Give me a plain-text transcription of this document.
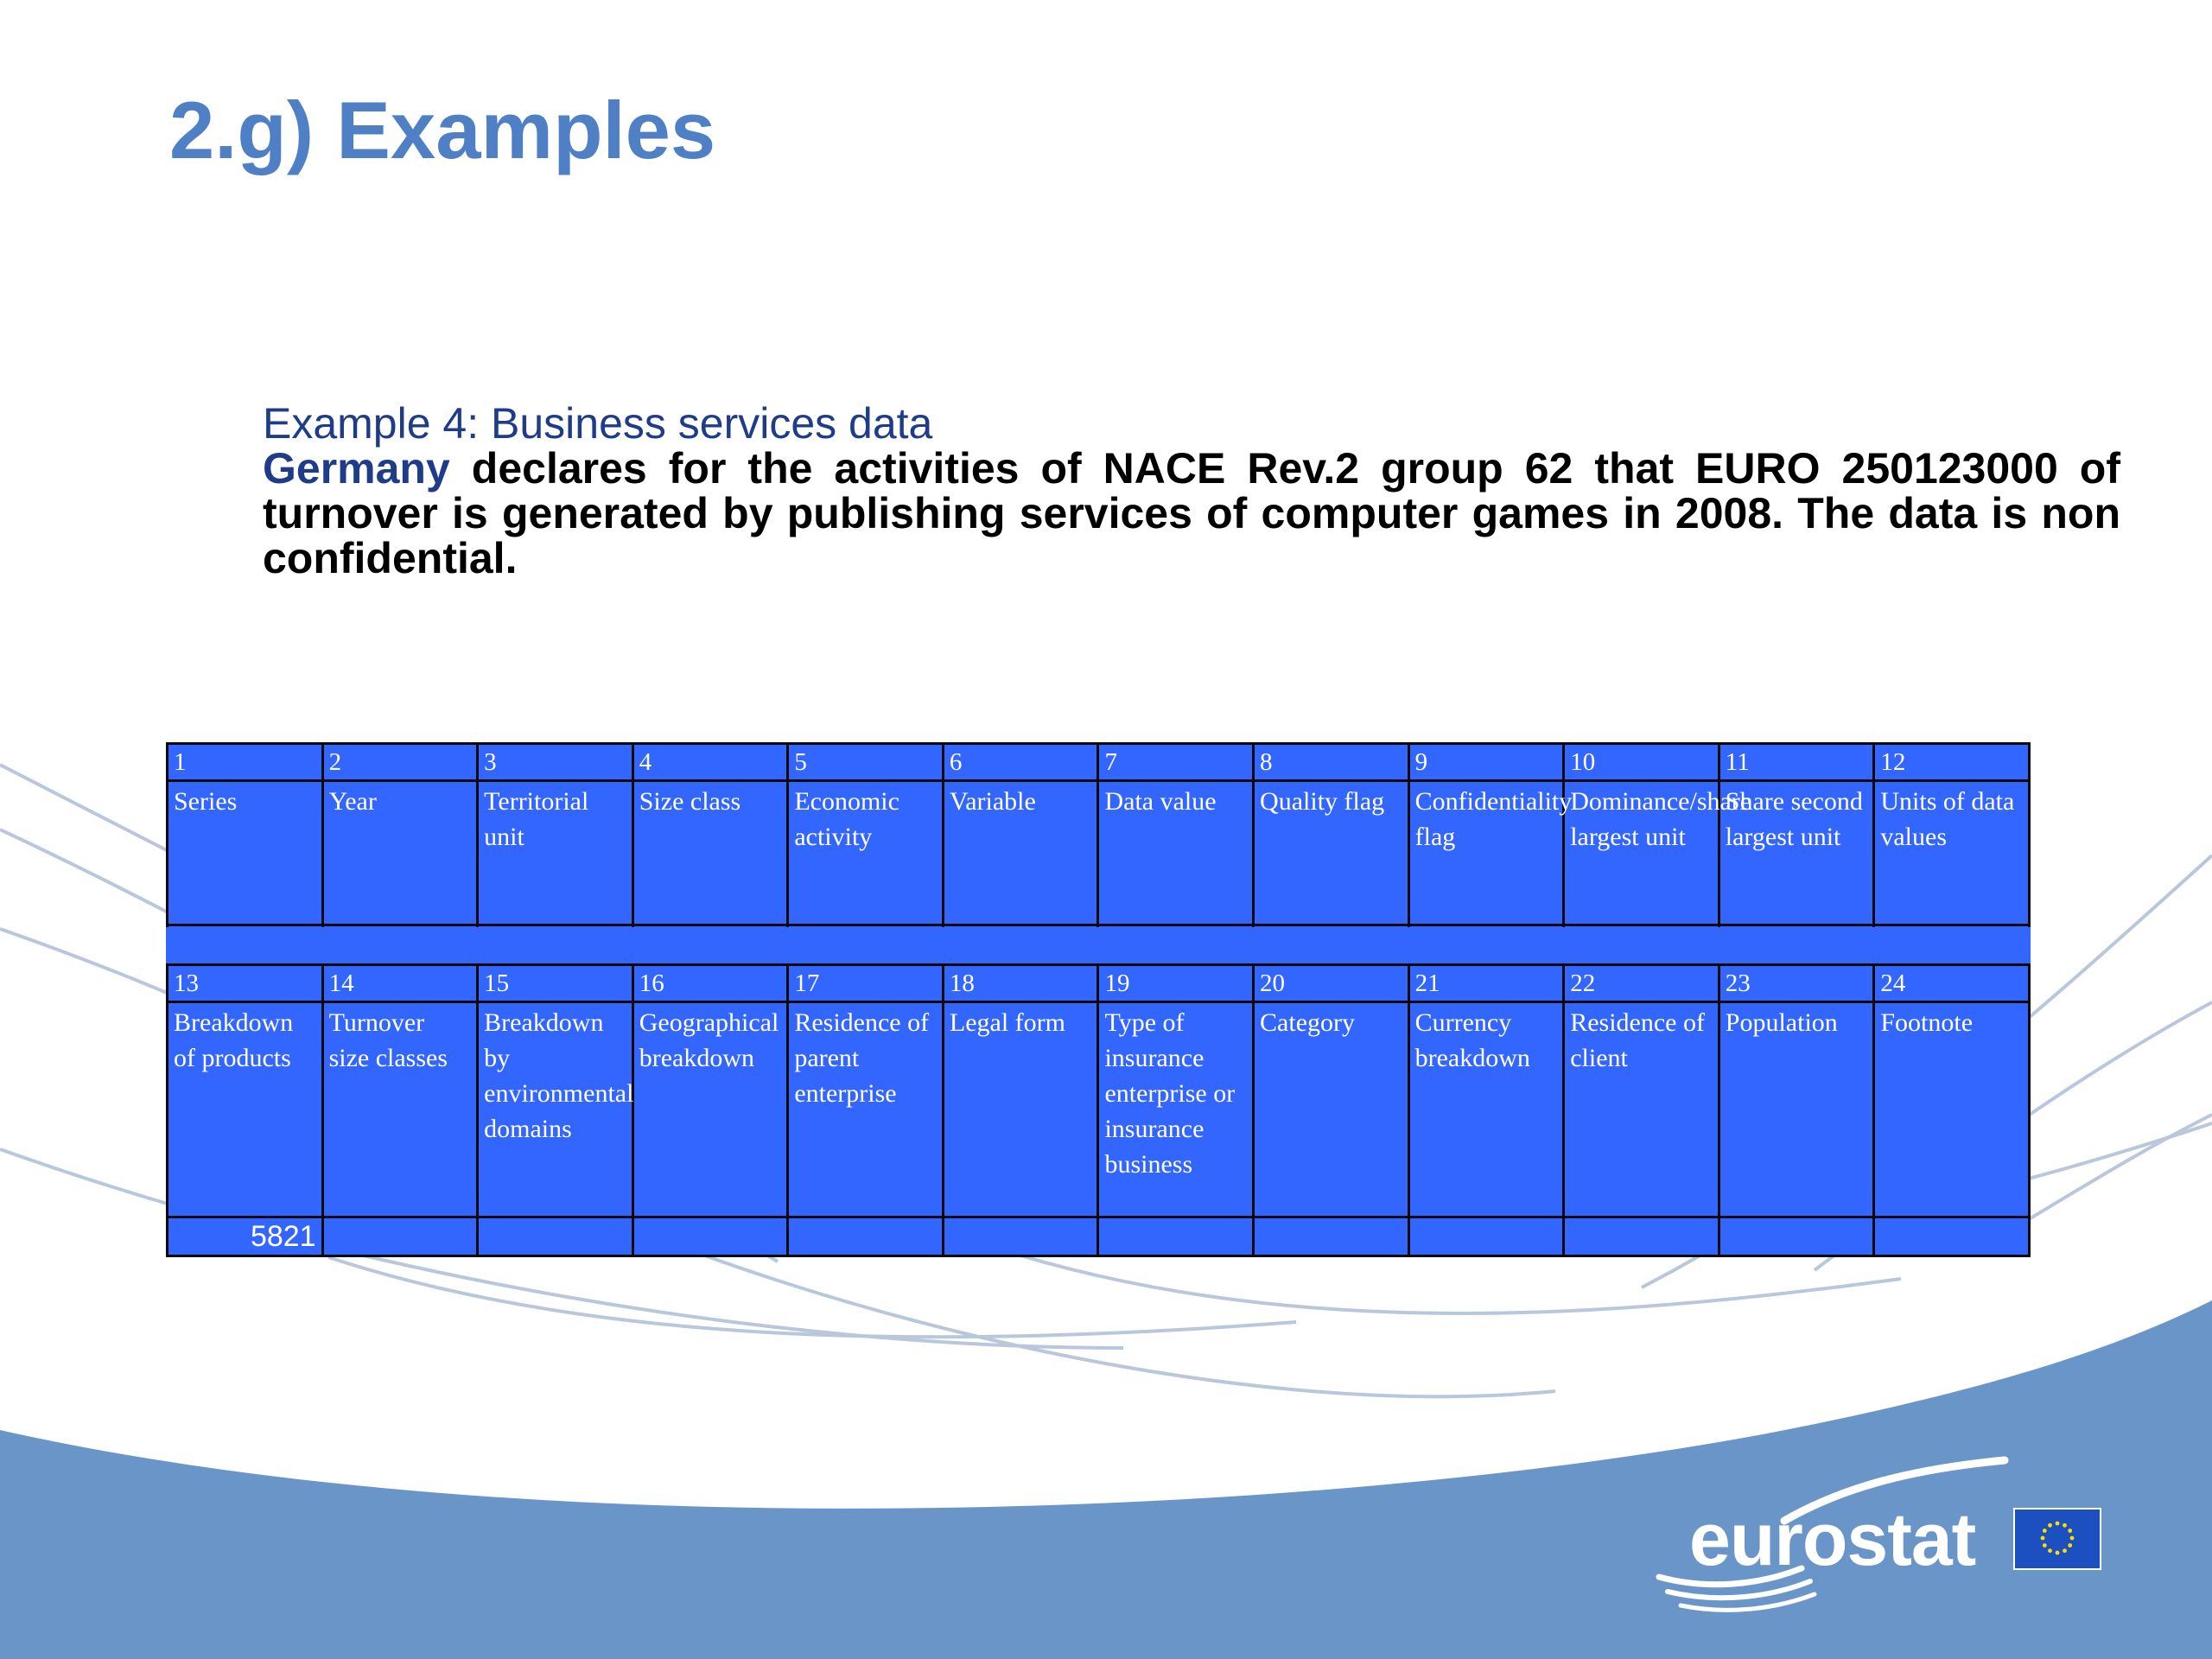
2.g) Examples
Example 4: Business services data
Germany declares for the activities of NACE Rev.2 group 62 that EURO 250123000 of turnover is generated by publishing services of computer games in 2008. The data is non confidential.
1	2	3	4	5	6	7	8	9	10	11	12
Series	Year	Territorial unit	Size class	Economic activity	Variable	Data value	Quality flag	Confidentiality flag	Dominance/share largest unit	Share second largest unit	Units of data values

13	14	15	16	17	18	19	20	21	22	23	24
Breakdown of products	Turnover size classes	Breakdown by environmental domains	Geographical breakdown	Residence of parent enterprise	Legal form	Type of insurance enterprise or insurance business	Category	Currency breakdown	Residence of client	Population	Footnote
5821											
eurostat
